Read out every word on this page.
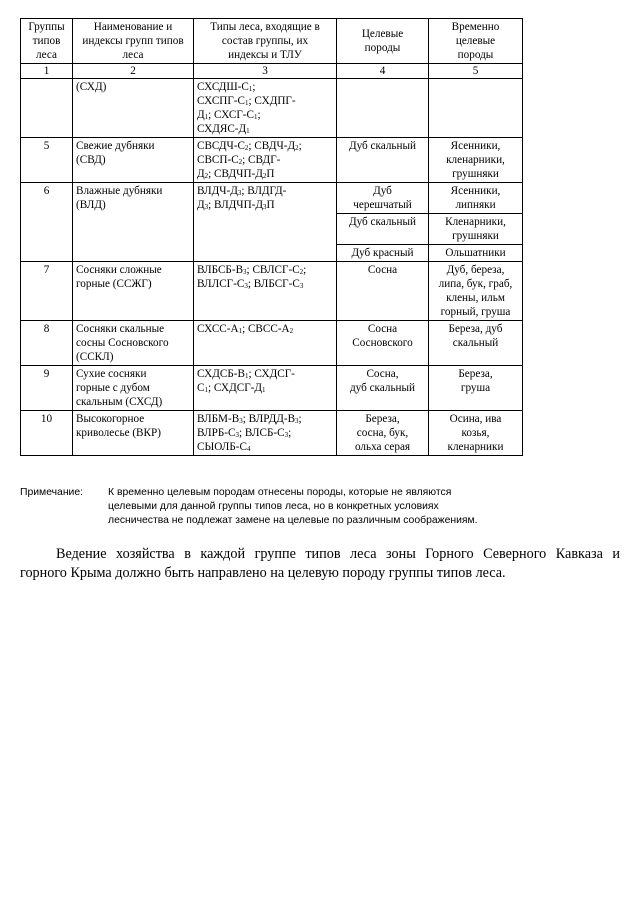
Группы
типов
леса	Наименование и
индексы групп типов
леса	Типы леса, входящие в
состав группы, их
индексы и ТЛУ	Целевые
породы	Временно
целевые
породы

1	2	3	4	5

	(СХД)	СХСДШ-$С_1$;
СХСПГ-$С_1$; СХДПГ-
$Д_1$; СХСГ-$С_1$;
СХДЯС-$Д_1$

5	Свежие дубняки
(СВД)	СВСДЧ-$С_2$; СВДЧ-$Д_2$;
СВСП-$С_2$; СВДГ-
$Д_2$; СВДЧП-$Д_2П$	Дуб скальный	Ясенники,
кленарники,
грушняки

6	Влажные дубняки
(ВЛД)	ВЛДЧ-$Д_3$; ВЛДГД-
$Д_3$; ВЛДЧП-$Д_3П$	Дуб
черешчатый	Ясенники,
липняки

			Дуб скальный	Кленарники,
грушняки

			Дуб красный	Ольшатники

7	Сосняки сложные
горные (ССЖГ)	ВЛБСБ-$В_3$; СВЛСГ-$С_2$;
ВЛЛСГ-$С_3$; ВЛБСГ-$С_3$	Сосна	Дуб, береза,
липа, бук, граб,
клены, ильм
горный, груша

8	Сосняки скальные
сосны Сосновского
(ССКЛ)	СХСС-$А_1$; СВСС-$А_2$	Сосна
Сосновского	Береза, дуб
скальный

9	Сухие сосняки
горные с дубом
скальным (СХСД)	СХДСБ-$В_1$; СХДСГ-
$С_1$; СХДСГ-$Д_1$	Сосна,
дуб скальный	Береза,
груша

10	Высокогорное
криволесье (ВКР)	ВЛБМ-$В_3$; ВЛРДД-$В_3$;
ВЛРБ-$С_3$; ВЛСБ-$С_3$;
СЫОЛБ-$С_4$	Береза,
сосна, бук,
ольха серая	Осина, ива
козья,
кленарники
Примечание: К временно целевым породам отнесены породы, которые не являются
целевыми для данной группы типов леса, но в конкретных условиях
лесничества не подлежат замене на целевые по различным соображениям.
Ведение хозяйства в каждой группе типов леса зоны Горного Северного Кавказа и
горного Крыма должно быть направлено на целевую породу группы типов леса.
